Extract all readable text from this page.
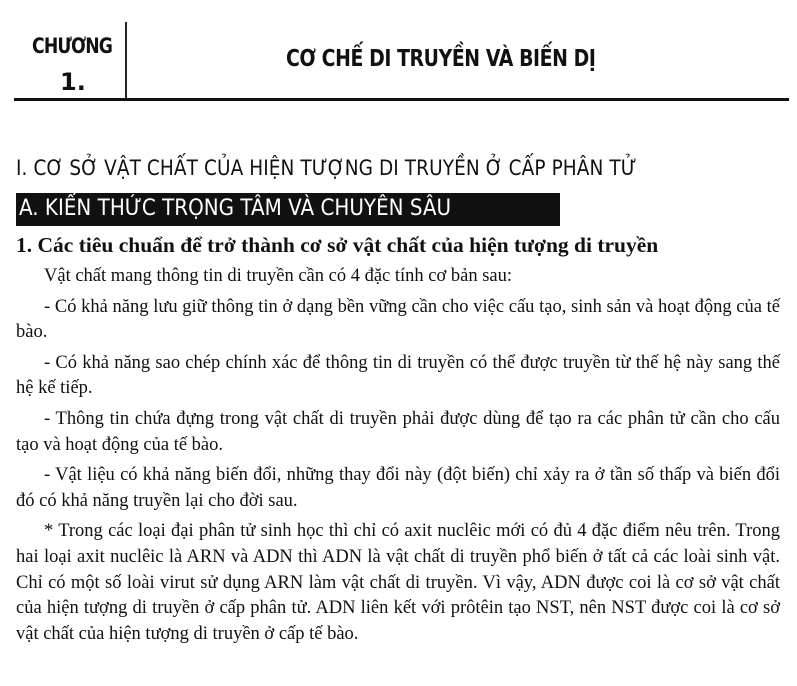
CHƯƠNG
1.
CƠ CHẾ DI TRUYỀN VÀ BIẾN DỊ
I. CƠ SỞ VẬT CHẤT CỦA HIỆN TƯỢNG DI TRUYỀN Ở CẤP PHÂN TỬ
A. KIẾN THỨC TRỌNG TÂM VÀ CHUYÊN SÂU
1. Các tiêu chuẩn để trở thành cơ sở vật chất của hiện tượng di truyền

Vật chất mang thông tin di truyền cần có 4 đặc tính cơ bản sau:

- Có khả năng lưu giữ thông tin ở dạng bền vững cần cho việc cấu tạo, sinh sản và hoạt động của tế bào.

- Có khả năng sao chép chính xác để thông tin di truyền có thể được truyền từ thế hệ này sang thế hệ kế tiếp.

- Thông tin chứa đựng trong vật chất di truyền phải được dùng để tạo ra các phân tử cần cho cấu tạo và hoạt động của tế bào.

- Vật liệu có khả năng biến đổi, những thay đổi này (đột biến) chỉ xảy ra ở tần số thấp và biến đổi đó có khả năng truyền lại cho đời sau.

* Trong các loại đại phân tử sinh học thì chỉ có axit nuclêic mới có đủ 4 đặc điểm nêu trên. Trong hai loại axit nuclêic là ARN và ADN thì ADN là vật chất di truyền phổ biến ở tất cả các loài sinh vật. Chỉ có một số loài virut sử dụng ARN làm vật chất di truyền. Vì vậy, ADN được coi là cơ sở vật chất của hiện tượng di truyền ở cấp phân tử. ADN liên kết với prôtêin tạo NST, nên NST được coi là cơ sở vật chất của hiện tượng di truyền ở cấp tế bào.
